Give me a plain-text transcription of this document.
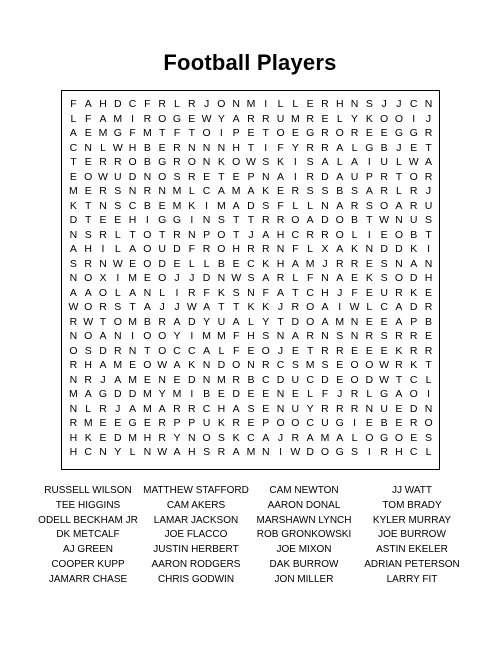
Football Players
F A H D C F R L R J O N M I L L E R H N S J J C N
L F A M I R O G E W Y A R R U M R E L Y K O O I	J
A E M G F M T F T O I P E T O E G R O R E E G G R
C N L W H B E R N N N H T I F Y R R A L G B J E T
T E R R O B G R O N K O W S K I S A L A I U L W A
E O W U D N O S R E T E P N A I R D A U P R T O R
M E R S N R N M L C A M A K E R S S B S A R L R J
K T N S C B E M K I M A D S F L L N A R S O A R U
D T E E H I G G I N S T T R R O A D O B T W N U S
N S R L T O T R N P O T J A H C R R O L I E O B T
A H I L A O U D F R O H R R N F L X A K N D D K I
S R N W E O D E L L B E C K H A M J R R E S N A N
N O X I M E O J J D N W S A R L F N A E K S O D H
A A O L A N L I R F K S N F A T C H J F E U R K E
W O R S T A J J W A T T K K J R O A I W L C A D R
R W T O M B R A D Y U A L Y T D O A M N E E A P B
N O A N I O O Y I M M F H S N A R N S N R S R R E
O S D R N T O C C A L F E O J E T R R E E E K R R
R H A M E O W A K N D O N R C S M S E O O W R K T
N R J A M E N E D N M R B C D U C D E O D W T C L
M A G D D M Y M I B E D E E N E L F J R L G A O I
N L R J A M A R R C H A S E N U Y R R R N U E D N
R M E E G E R P P U K R E P O O C U G I E B E R O
H K E D M H R Y N O S K C A J R A M A L O G O E S
H C N Y L N W A H S R A M N I W D O G S I R H C L
RUSSELL WILSON
TEE HIGGINS
ODELL BECKHAM JR
DK METCALF
AJ GREEN
COOPER KUPP
JAMARR CHASE
MATTHEW STAFFORD
CAM AKERS
LAMAR JACKSON
JOE FLACCO
JUSTIN HERBERT
AARON RODGERS
CHRIS GODWIN
CAM NEWTON
AARON DONAL
MARSHAWN LYNCH
ROB GRONKOWSKI
JOE MIXON
DAK BURROW
JON MILLER
JJ WATT
TOM BRADY
KYLER MURRAY
JOE BURROW
ASTIN EKELER
ADRIAN PETERSON
LARRY FIT
